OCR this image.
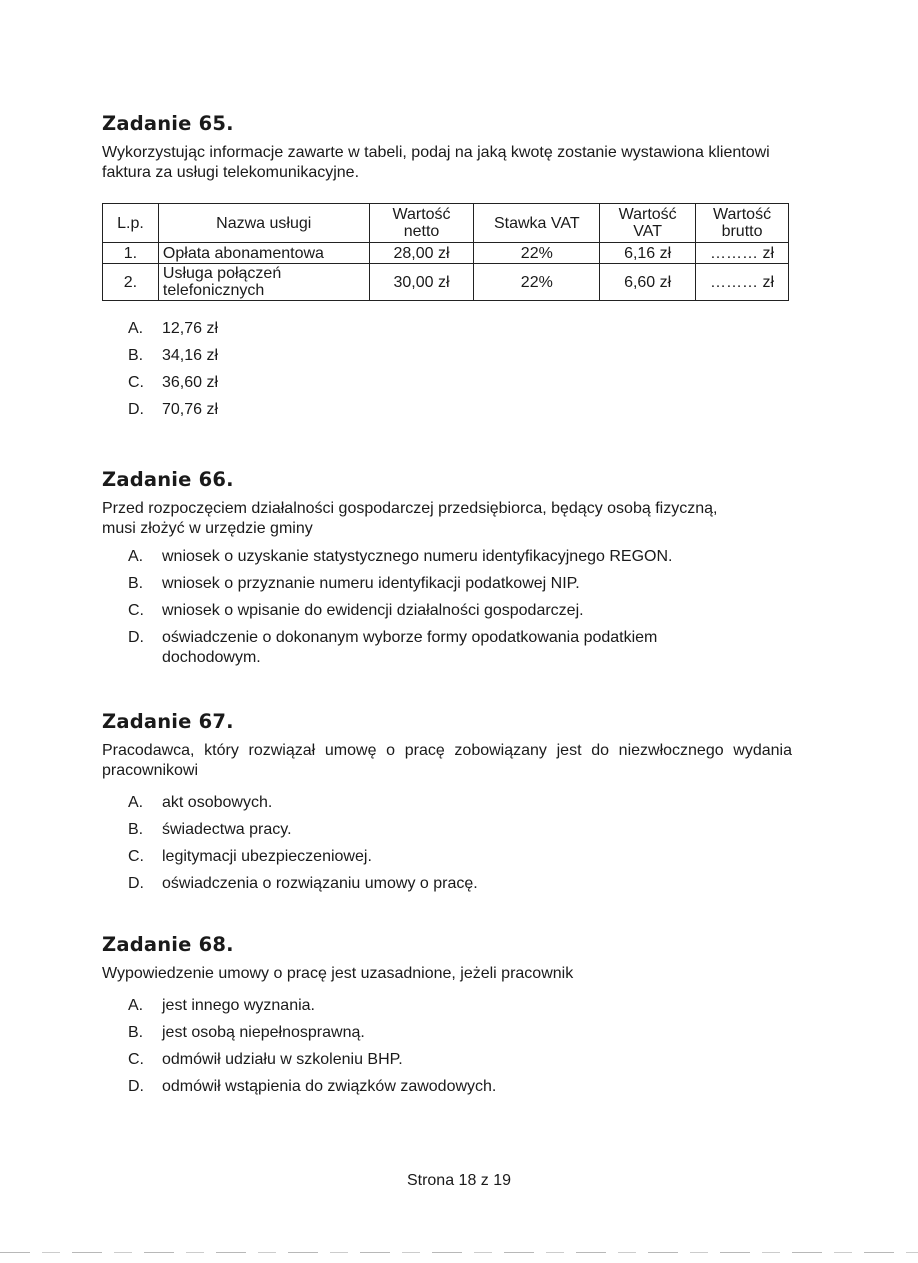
Zadanie 65.

Wykorzystując informacje zawarte w tabeli, podaj na jaką kwotę zostanie wystawiona klientowi faktura za usługi telekomunikacyjne.

L.p.	Nazwa usługi	Wartość netto	Stawka VAT	Wartość VAT	Wartość brutto
1.	Opłata abonamentowa	28,00 zł	22%	6,16 zł	……… zł
2.	Usługa połączeń telefonicznych	30,00 zł	22%	6,60 zł	……… zł
A.	12,76 zł
B.	34,16 zł
C.	36,60 zł
D.	70,76 zł
Zadanie 66.

Przed rozpoczęciem działalności gospodarczej przedsiębiorca, będący osobą fizyczną, musi złożyć w urzędzie gminy

A.	wniosek o uzyskanie statystycznego numeru identyfikacyjnego REGON.
B.	wniosek o przyznanie numeru identyfikacji podatkowej NIP.
C.	wniosek o wpisanie do ewidencji działalności gospodarczej.
D.	oświadczenie o dokonanym wyborze formy opodatkowania podatkiem dochodowym.
Zadanie 67.

Pracodawca, który rozwiązał umowę o pracę zobowiązany jest do niezwłocznego wydania pracownikowi

A.	akt osobowych.
B.	świadectwa pracy.
C.	legitymacji ubezpieczeniowej.
D.	oświadczenia o rozwiązaniu umowy o pracę.
Zadanie 68.

Wypowiedzenie umowy o pracę jest uzasadnione, jeżeli pracownik

A.	jest innego wyznania.
B.	jest osobą niepełnosprawną.
C.	odmówił udziału w szkoleniu BHP.
D.	odmówił wstąpienia do związków zawodowych.
Strona 18 z 19
